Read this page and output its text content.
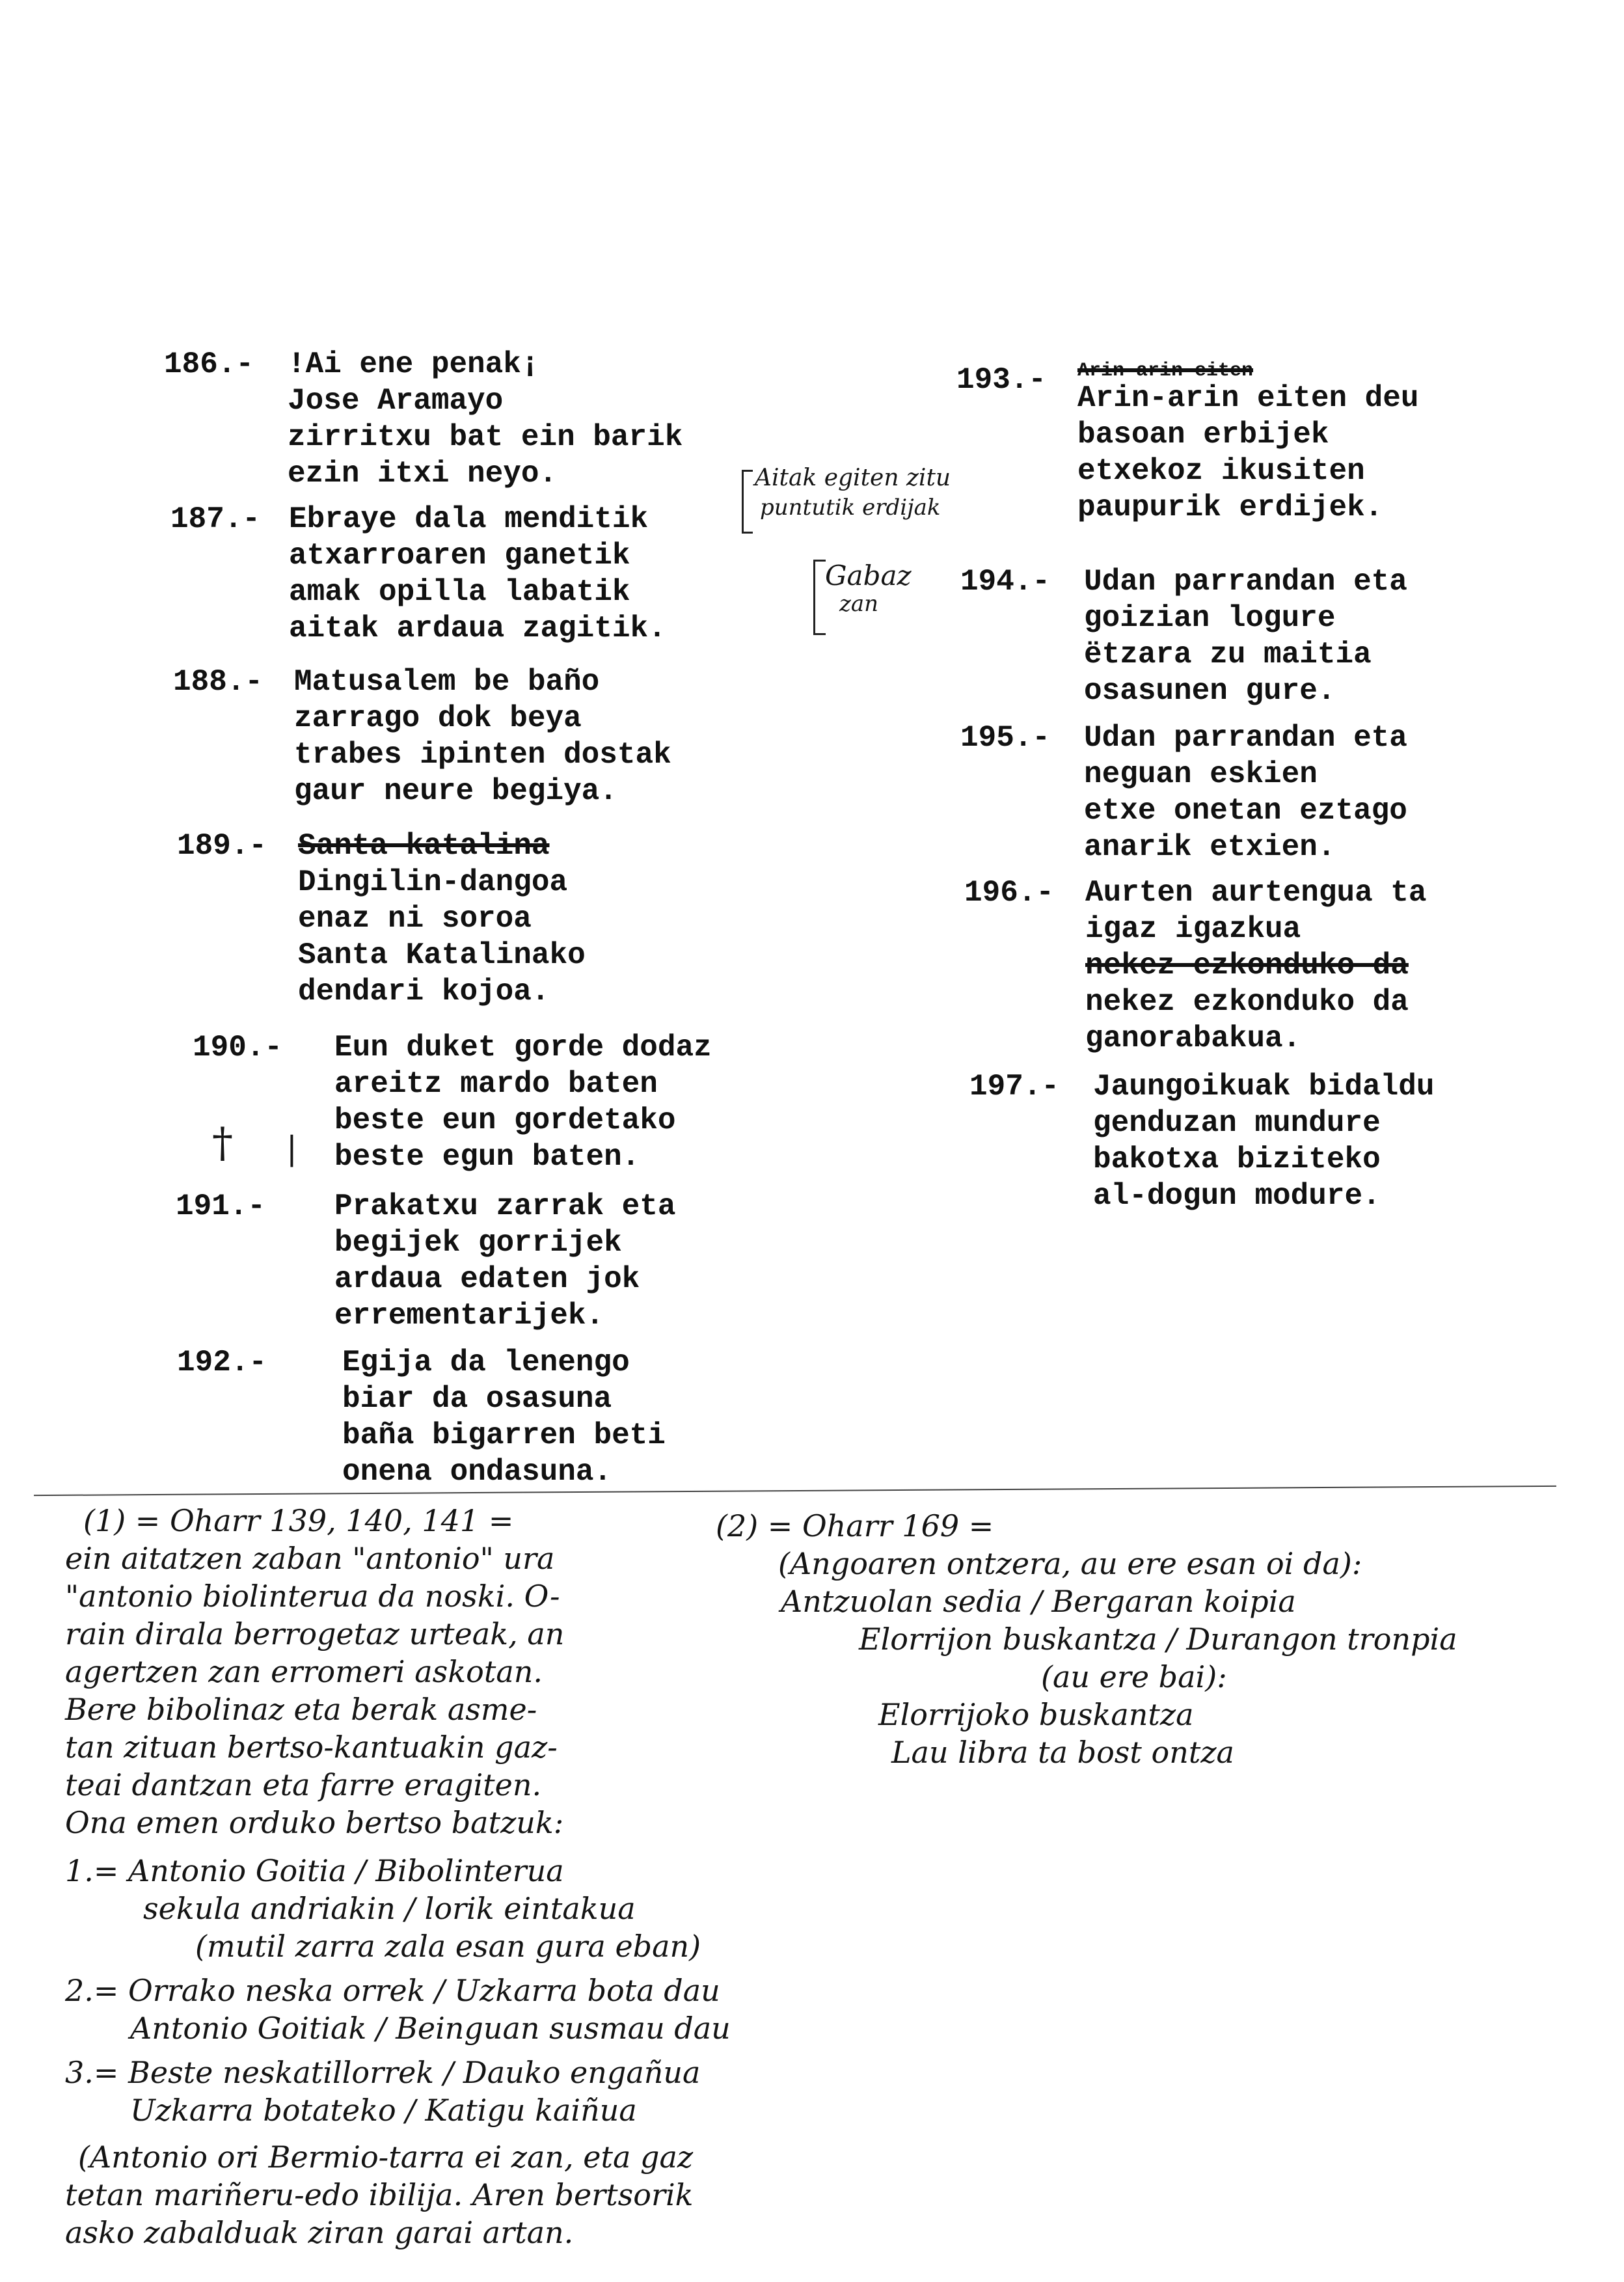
186.- !Ai ene penak¡
Jose Aramayo
zirritxu bat ein barik
ezin itxi neyo.
187.- Ebraye dala menditik
atxarroaren ganetik
amak opilla labatik
aitak ardaua zagitik.
188.- Matusalem be baño
zarrago dok beya
trabes ipinten dostak
gaur neure begiya.
189.- Santa katalina
Dingilin-dangoa
enaz ni soroa
Santa Katalinako
dendari kojoa.
190.- Eun duket gorde dodaz
areitz mardo baten
beste eun gordetako
beste egun baten.
191.- Prakatxu zarrak eta
begijek gorrijek
ardaua edaten jok
errementarijek.
192.-	Egija da lenengo
biar da osasuna
baña bigarren beti
onena ondasuna.
† |
193.- Arin-arin eiten
Arin-arin eiten deu
basoan erbijek
etxekoz ikusiten
paupurik erdijek.
194.- Udan parrandan eta
goizian logure
ëtzara zu maitia
osasunen gure.
195.- Udan parrandan eta
neguan eskien
etxe onetan eztago
anarik etxien.
196.- Aurten aurtengua ta
igaz igazkua
nekez ezkonduko da
nekez ezkonduko da
ganorabakua.
197.- Jaungoikuak bidaldu
genduzan mundure
bakotxa biziteko
al-dogun modure.
Aitak egiten zitu
puntutik erdijak
Gabaz
zan
(1) = Oharr 139, 140, 141 =
ein aitatzen zaban "antonio" ura
"antonio biolinterua da noski. O-
rain dirala berrogetaz urteak, an
agertzen zan erromeri askotan.
Bere bibolinaz eta berak asme-
tan zituan bertso-kantuakin gaz-
teai dantzan eta farre eragiten.
Ona emen orduko bertso batzuk:
1.= Antonio Goitia / Bibolinterua
sekula andriakin / lorik eintakua
(mutil zarra zala esan gura eban)
2.= Orrako neska orrek / Uzkarra bota dau
Antonio Goitiak / Beinguan susmau dau
3.= Beste neskatillorrek / Dauko engañua
Uzkarra botateko / Katigu kaiñua
(Antonio ori Bermio-tarra ei zan, eta gaz
tetan mariñeru-edo ibilija. Aren bertsorik
asko zabalduak ziran garai artan.
(2) = Oharr 169 =
(Angoaren ontzera, au ere esan oi da):
Antzuolan sedia / Bergaran koipia
Elorrijon buskantza / Durangon tronpia
(au ere bai):
Elorrijoko buskantza
Lau libra ta bost ontza
